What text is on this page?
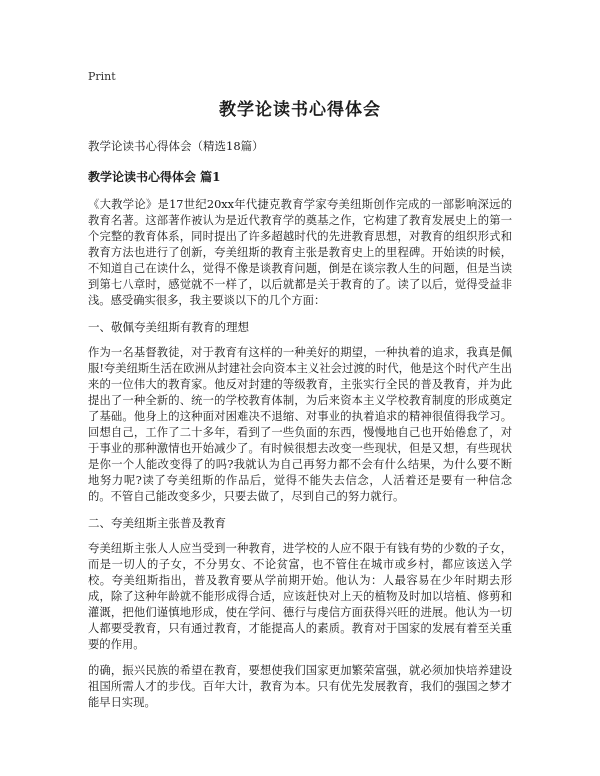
Print
教学论读书心得体会
教学论读书心得体会（精选18篇）
教学论读书心得体会 篇1

《大教学论》是17世纪20xx年代捷克教育学家夸美纽斯创作完成的一部影响深远的教育名著。这部著作被认为是近代教育学的奠基之作，它构建了教育发展史上的第一个完整的教育体系，同时提出了许多超越时代的先进教育思想，对教育的组织形式和教育方法也进行了创新，夸美纽斯的教育主张是教育史上的里程碑。开始读的时候，不知道自己在读什么，觉得不像是谈教育问题，倒是在谈宗教人生的问题，但是当读到第七八章时，感觉就不一样了，以后就都是关于教育的了。读了以后，觉得受益非浅。感受确实很多，我主要谈以下的几个方面：

一、敬佩夸美纽斯有教育的理想

作为一名基督教徒，对于教育有这样的一种美好的期望，一种执着的追求，我真是佩服!夸美纽斯生活在欧洲从封建社会向资本主义社会过渡的时代，他是这个时代产生出来的一位伟大的教育家。他反对封建的等级教育，主张实行全民的普及教育，并为此提出了一种全新的、统一的学校教育体制，为后来资本主义学校教育制度的形成奠定了基础。他身上的这种面对困难决不退缩、对事业的执着追求的精神很值得我学习。回想自己，工作了二十多年，看到了一些负面的东西，慢慢地自己也开始倦怠了，对于事业的那种激情也开始减少了。有时候很想去改变一些现状，但是又想，有些现状是你一个人能改变得了的吗?我就认为自己再努力都不会有什么结果，为什么要不断地努力呢?读了夸美纽斯的作品后，觉得不能失去信念，人活着还是要有一种信念的。不管自己能改变多少，只要去做了，尽到自己的努力就行。

二、夸美纽斯主张普及教育

夸美纽斯主张人人应当受到一种教育，进学校的人应不限于有钱有势的少数的子女，而是一切人的子女，不分男女、不论贫富，也不管住在城市或乡村，都应该送入学校。夸美纽斯指出，普及教育要从学前期开始。他认为：人最容易在少年时期去形成，除了这种年龄就不能形成得合适，应该赶快对上天的植物及时加以培植、修剪和灌溉，把他们谨慎地形成，使在学问、德行与虔信方面获得兴旺的进展。他认为一切人都要受教育，只有通过教育，才能提高人的素质。教育对于国家的发展有着至关重要的作用。

的确，振兴民族的希望在教育，要想使我们国家更加繁荣富强，就必须加快培养建设祖国所需人才的步伐。百年大计，教育为本。只有优先发展教育，我们的强国之梦才能早日实现。
